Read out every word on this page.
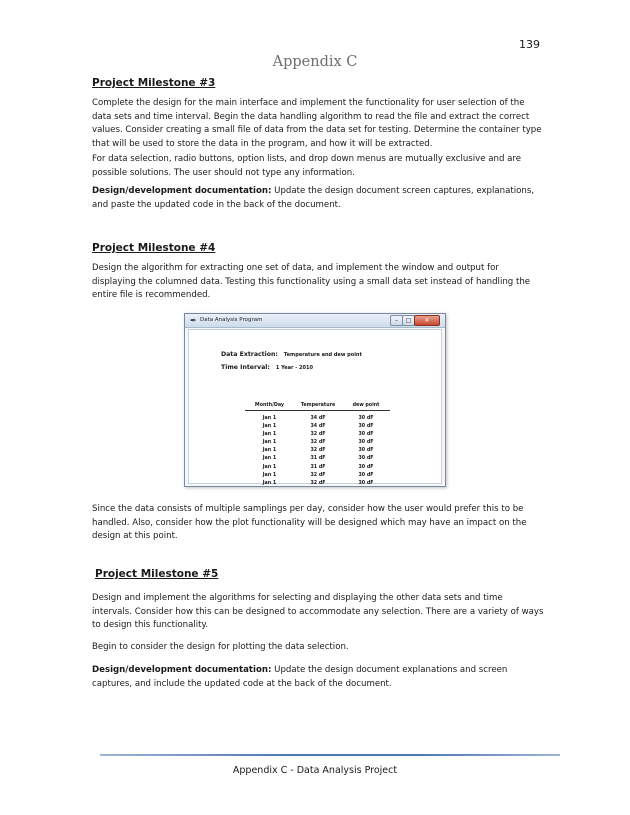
139
Appendix C
Project Milestone #3
Complete the design for the main interface and implement the functionality for user selection of the data sets and time interval. Begin the data handling algorithm to read the file and extract the correct values. Consider creating a small file of data from the data set for testing. Determine the container type that will be used to store the data in the program, and how it will be extracted.
For data selection, radio buttons, option lists, and drop down menus are mutually exclusive and are possible solutions. The user should not type any information.
Design/development documentation: Update the design document screen captures, explanations, and paste the updated code in the back of the document.
Project Milestone #4
Design the algorithm for extracting one set of data, and implement the window and output for displaying the columned data. Testing this functionality using a small data set instead of handling the entire file is recommended.
✒ Data Analysis Program	–	□	✕
Data Extraction: Temperature and dew point
Time Interval: 1 Year - 2010
Month/Day	Temperature	dew point
Jan 1	34 dF	30 dF
Jan 1	34 dF	30 dF
Jan 1	32 dF	30 dF
Jan 1	32 dF	30 dF
Jan 1	32 dF	30 dF
Jan 1	31 dF	30 dF
Jan 1	31 dF	30 dF
Jan 1	32 dF	30 dF
Jan 1	32 dF	30 dF
Since the data consists of multiple samplings per day, consider how the user would prefer this to be handled. Also, consider how the plot functionality will be designed which may have an impact on the design at this point.
Project Milestone #5
Design and implement the algorithms for selecting and displaying the other data sets and time intervals. Consider how this can be designed to accommodate any selection. There are a variety of ways to design this functionality.
Begin to consider the design for plotting the data selection.
Design/development documentation: Update the design document explanations and screen captures, and include the updated code at the back of the document.
Appendix C - Data Analysis Project
